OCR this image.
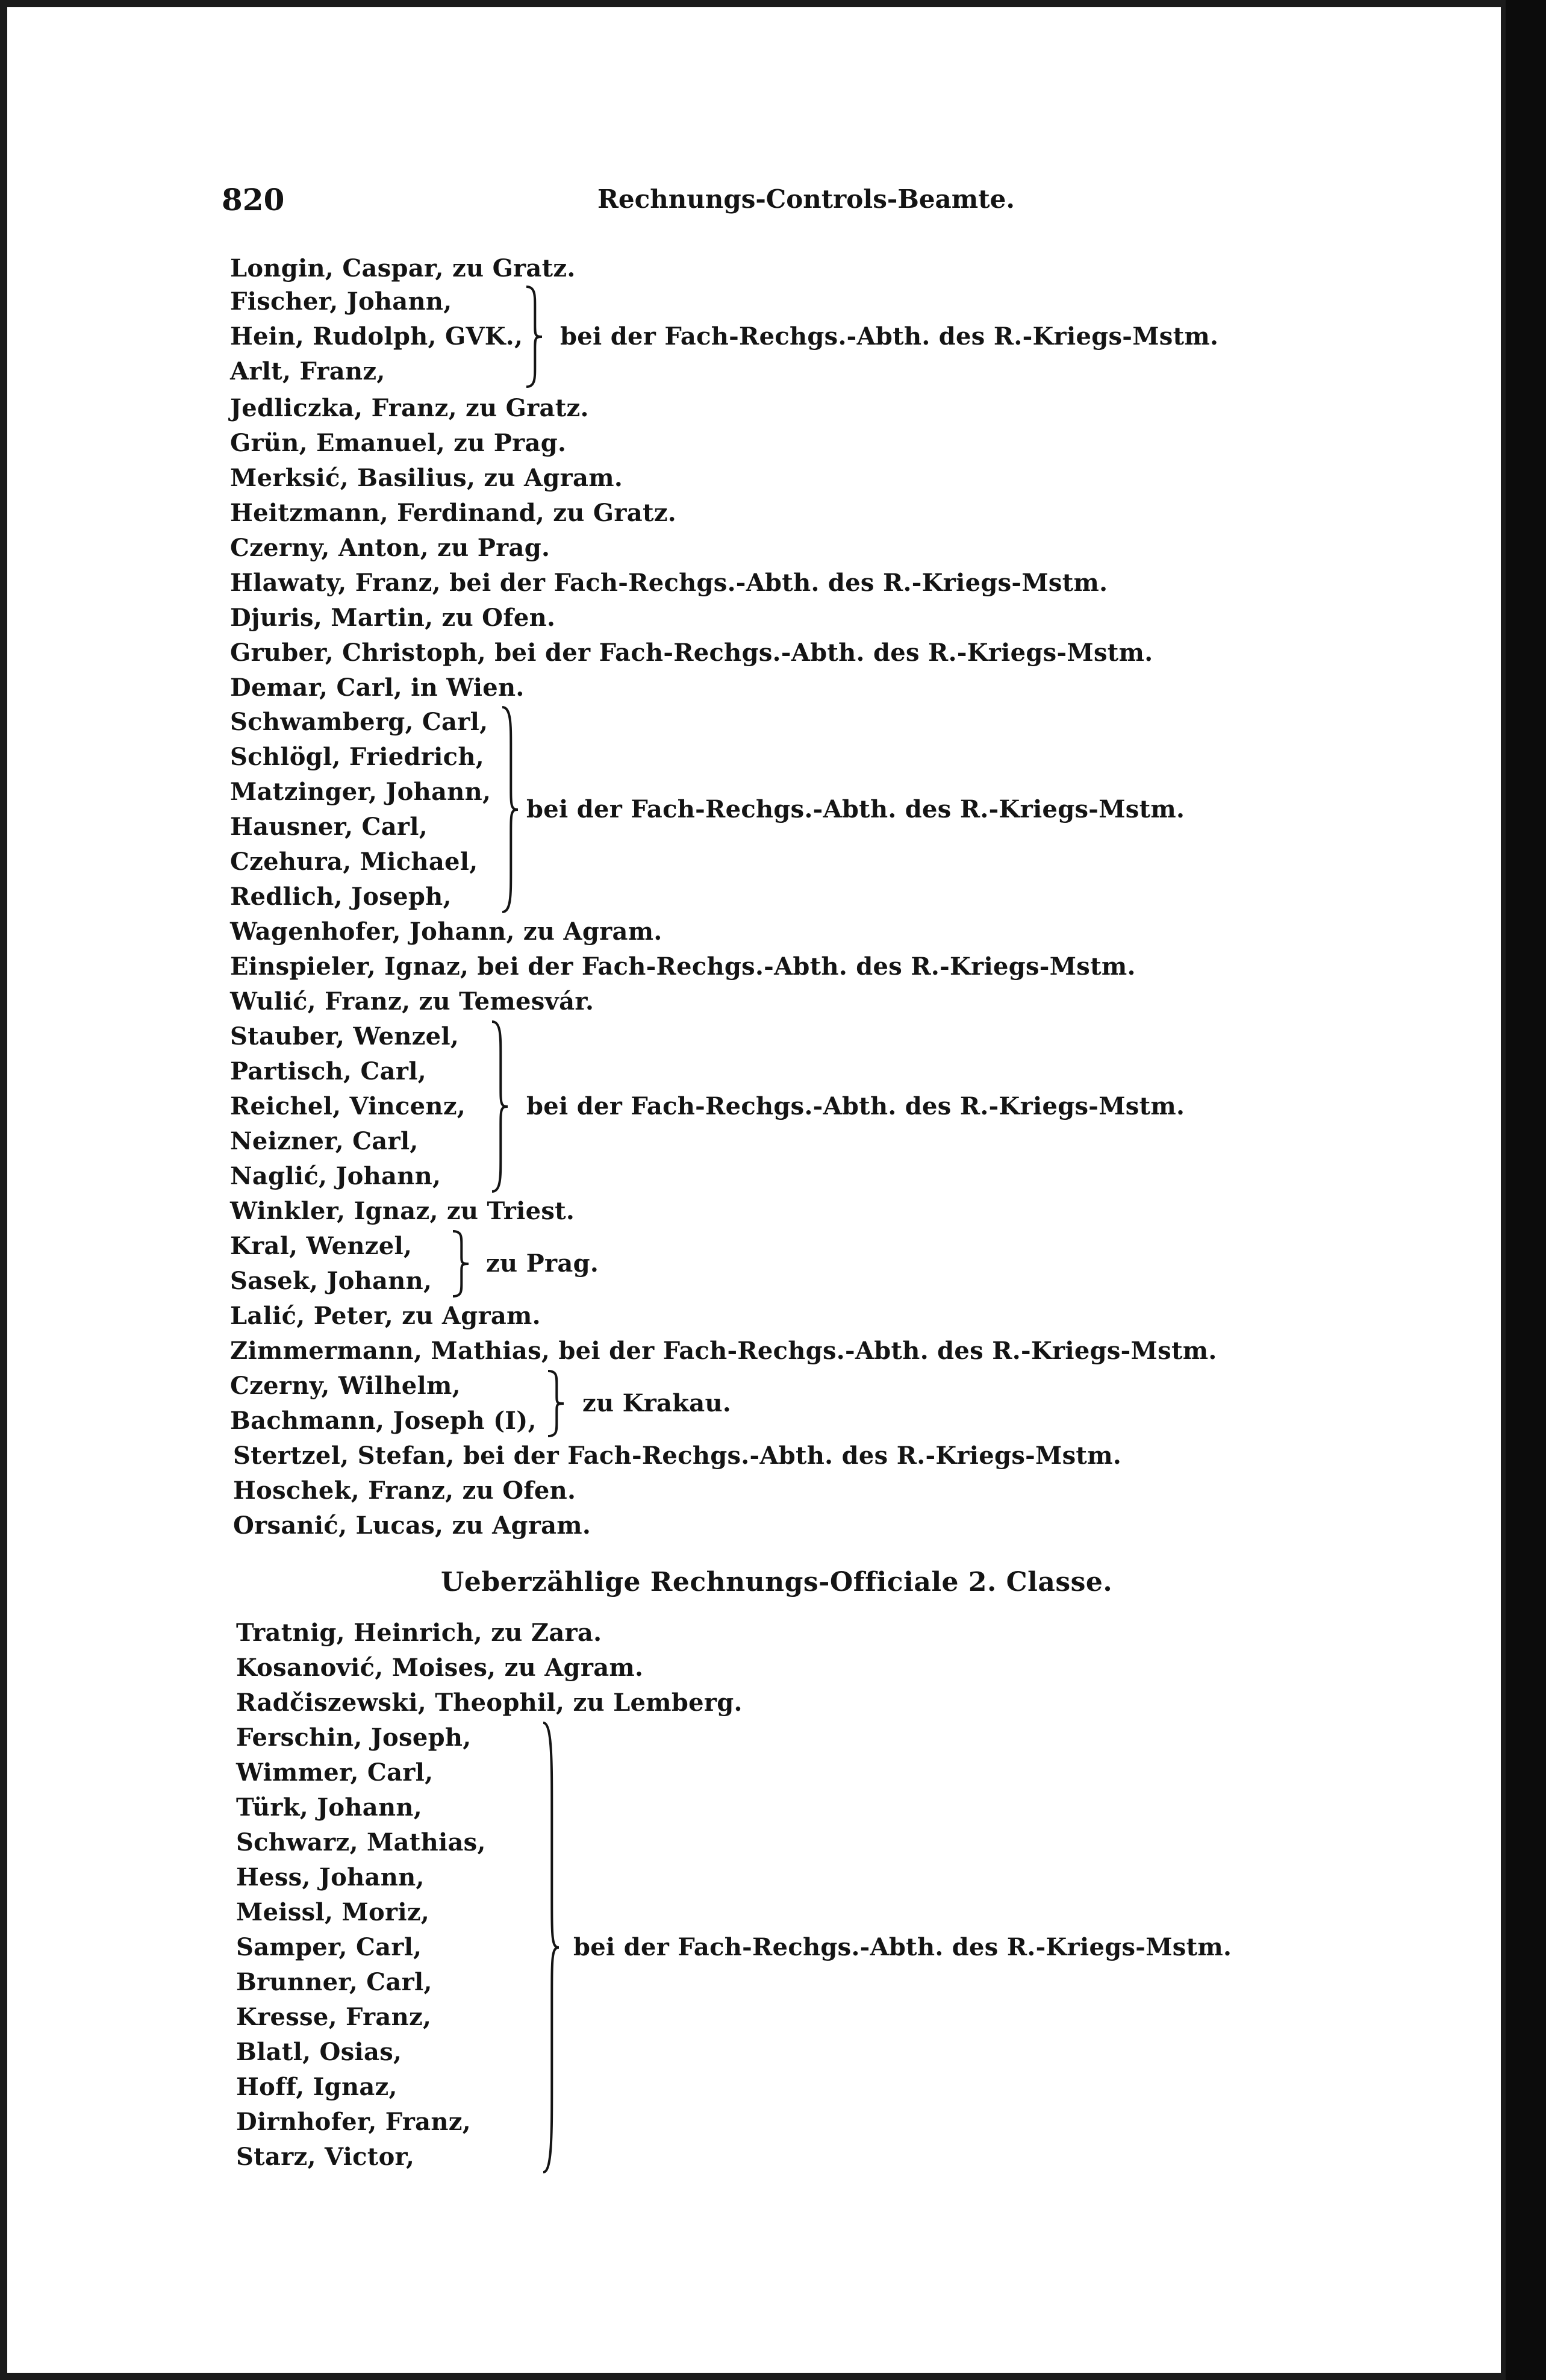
820	Rechnungs-Controls-Beamte.
Longin, Caspar, zu Gratz.
Fischer, Johann,
Hein, Rudolph, GVK.,
Arlt, Franz,
bei der Fach-Rechgs.-Abth. des R.-Kriegs-Mstm.
Jedliczka, Franz, zu Gratz.
Grün, Emanuel, zu Prag.
Merksić, Basilius, zu Agram.
Heitzmann, Ferdinand, zu Gratz.
Czerny, Anton, zu Prag.
Hlawaty, Franz, bei der Fach-Rechgs.-Abth. des R.-Kriegs-Mstm.
Djuris, Martin, zu Ofen.
Gruber, Christoph, bei der Fach-Rechgs.-Abth. des R.-Kriegs-Mstm.
Demar, Carl, in Wien.
Schwamberg, Carl,
Schlögl, Friedrich,
Matzinger, Johann,
Hausner, Carl,
Czehura, Michael,
Redlich, Joseph,
bei der Fach-Rechgs.-Abth. des R.-Kriegs-Mstm.
Wagenhofer, Johann, zu Agram.
Einspieler, Ignaz, bei der Fach-Rechgs.-Abth. des R.-Kriegs-Mstm.
Wulić, Franz, zu Temesvár.
Stauber, Wenzel,
Partisch, Carl,
Reichel, Vincenz,
Neizner, Carl,
Naglić, Johann,
bei der Fach-Rechgs.-Abth. des R.-Kriegs-Mstm.
Winkler, Ignaz, zu Triest.
Kral, Wenzel,
Sasek, Johann,
zu Prag.
Lalić, Peter, zu Agram.
Zimmermann, Mathias, bei der Fach-Rechgs.-Abth. des R.-Kriegs-Mstm.
Czerny, Wilhelm,
Bachmann, Joseph (I),
zu Krakau.
Stertzel, Stefan, bei der Fach-Rechgs.-Abth. des R.-Kriegs-Mstm.
Hoschek, Franz, zu Ofen.
Orsanić, Lucas, zu Agram.
Ueberzählige Rechnungs-Officiale 2. Classe.
Tratnig, Heinrich, zu Zara.
Kosanović, Moises, zu Agram.
Radčiszewski, Theophil, zu Lemberg.
Ferschin, Joseph,
Wimmer, Carl,
Türk, Johann,
Schwarz, Mathias,
Hess, Johann,
Meissl, Moriz,
Samper, Carl,
Brunner, Carl,
Kresse, Franz,
Blatl, Osias,
Hoff, Ignaz,
Dirnhofer, Franz,
Starz, Victor,
bei der Fach-Rechgs.-Abth. des R.-Kriegs-Mstm.
